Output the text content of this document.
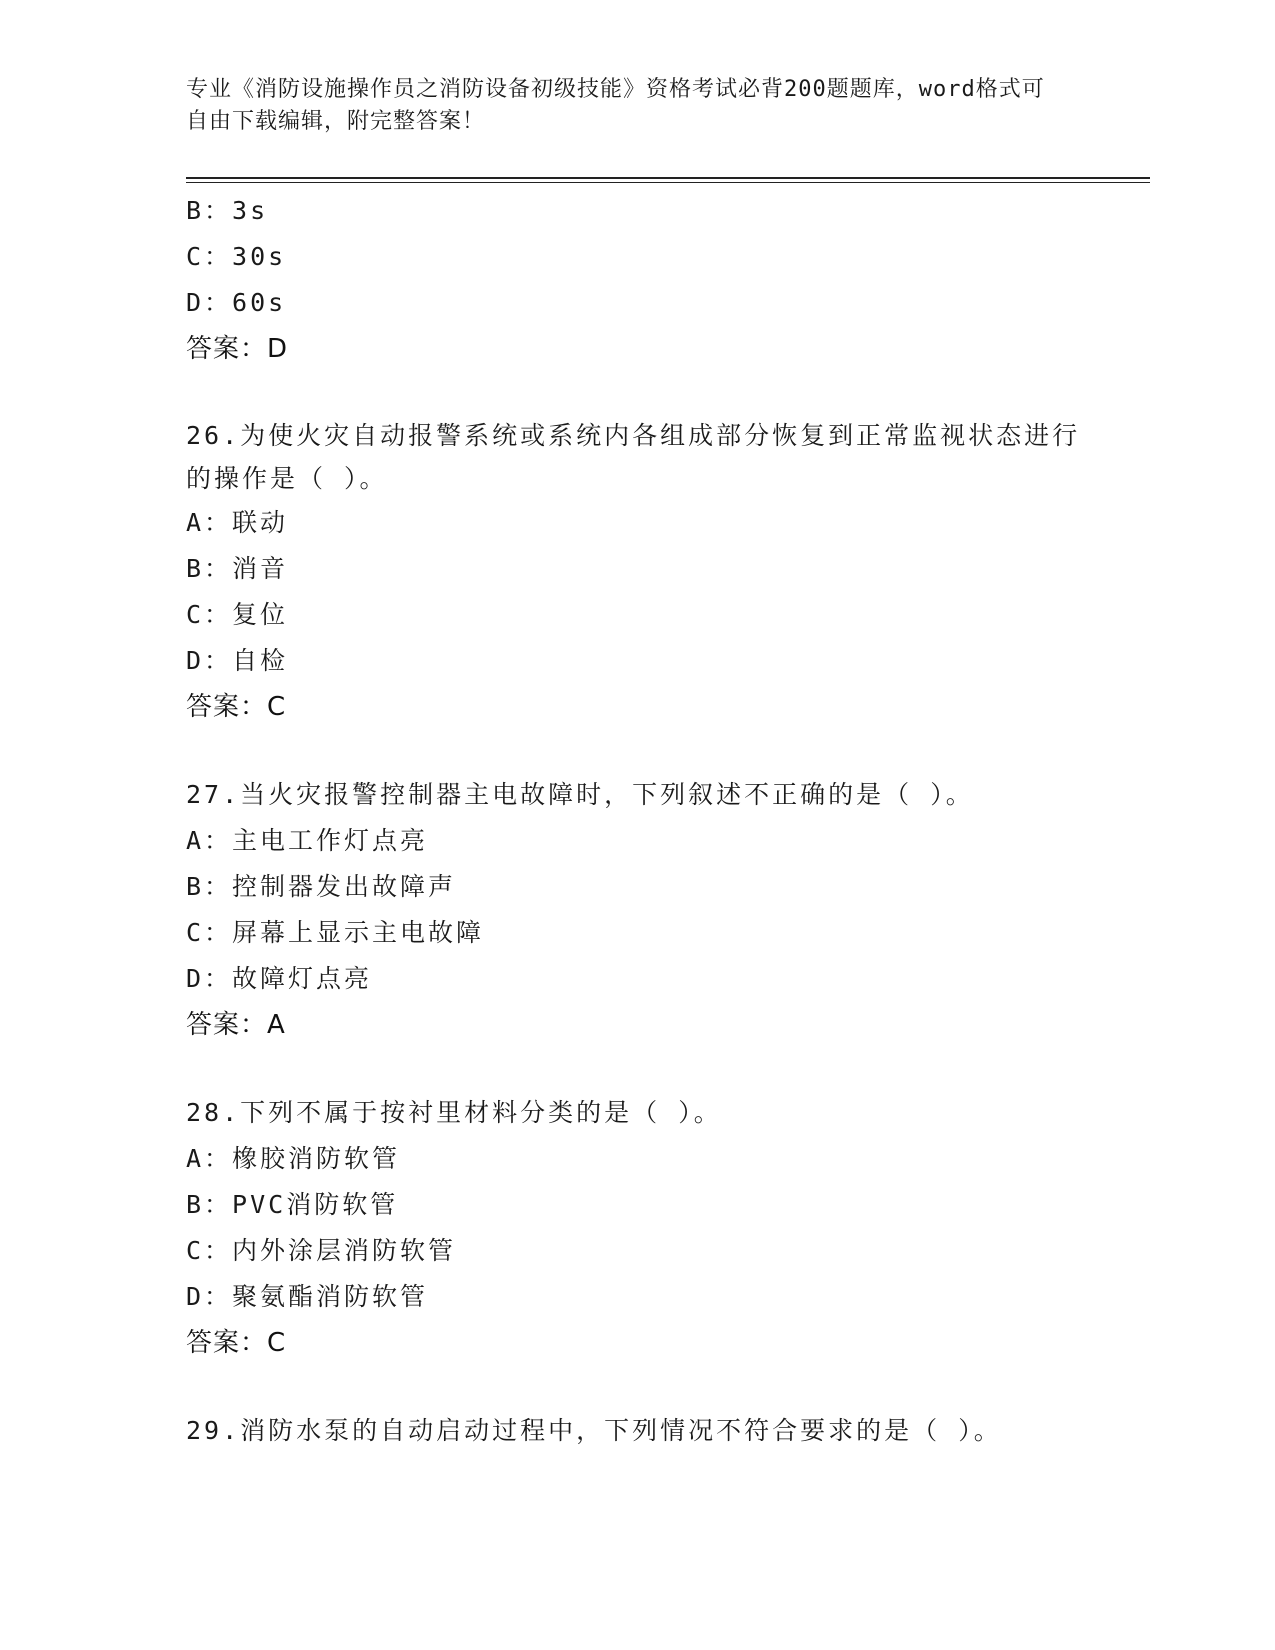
专业《消防设施操作员之消防设备初级技能》资格考试必背200题题库，word格式可自由下载编辑，附完整答案！
B：3s
C：30s
D：60s
答案：D
26.为使火灾自动报警系统或系统内各组成部分恢复到正常监视状态进行的操作是（ ）。
A：联动
B：消音
C：复位
D：自检
答案：C
27.当火灾报警控制器主电故障时，下列叙述不正确的是（ ）。
A：主电工作灯点亮
B：控制器发出故障声
C：屏幕上显示主电故障
D：故障灯点亮
答案：A
28.下列不属于按衬里材料分类的是（ ）。
A：橡胶消防软管
B：PVC消防软管
C：内外涂层消防软管
D：聚氨酯消防软管
答案：C
29.消防水泵的自动启动过程中，下列情况不符合要求的是（ ）。
